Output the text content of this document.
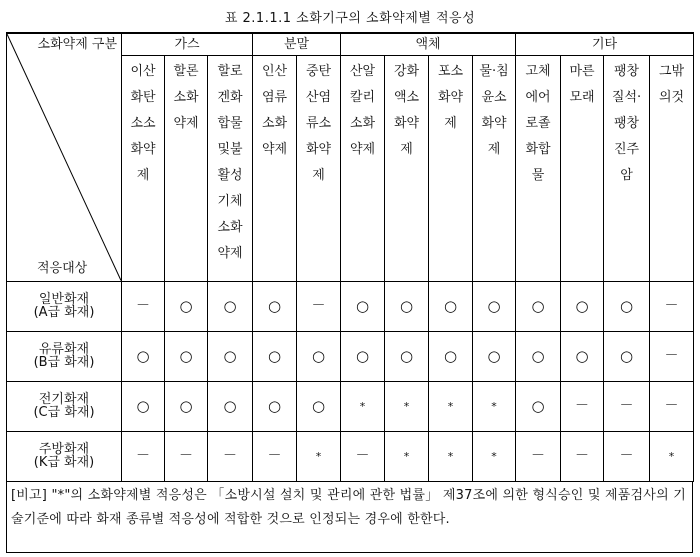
표 2.1.1.1 소화기구의 소화약제별 적응성
소화약제 구분
적응대상	가스			분말		액체				기타			
	이산화탄소소화약제	할론소화약제	할로겐화합물및불활성기체소화약제	인산염류소화약제	중탄산염류소화약제	산알칼리소화약제	강화액소화약제	포소화약제	물·침윤소화약제	고체에어로졸화합물	마른모래	팽창질석·팽창진주암	그밖의것

일반화재
(A급 화재)	－	○	○	○	－	○	○	○	○	○	○	○	－

유류화재
(B급 화재)	○	○	○	○	○	○	○	○	○	○	○	○	－

전기화재
(C급 화재)	○	○	○	○	○	*	*	*	*	○	－	－	－

주방화재
(K급 화재)	－	－	－	－	*	－	*	*	*	－	－	－	*
[비고] "*"의 소화약제별 적응성은 「소방시설 설치 및 관리에 관한 법률」 제37조에 의한 형식승인 및 제품검사의 기술기준에 따라 화재 종류별 적응성에 적합한 것으로 인정되는 경우에 한한다.
